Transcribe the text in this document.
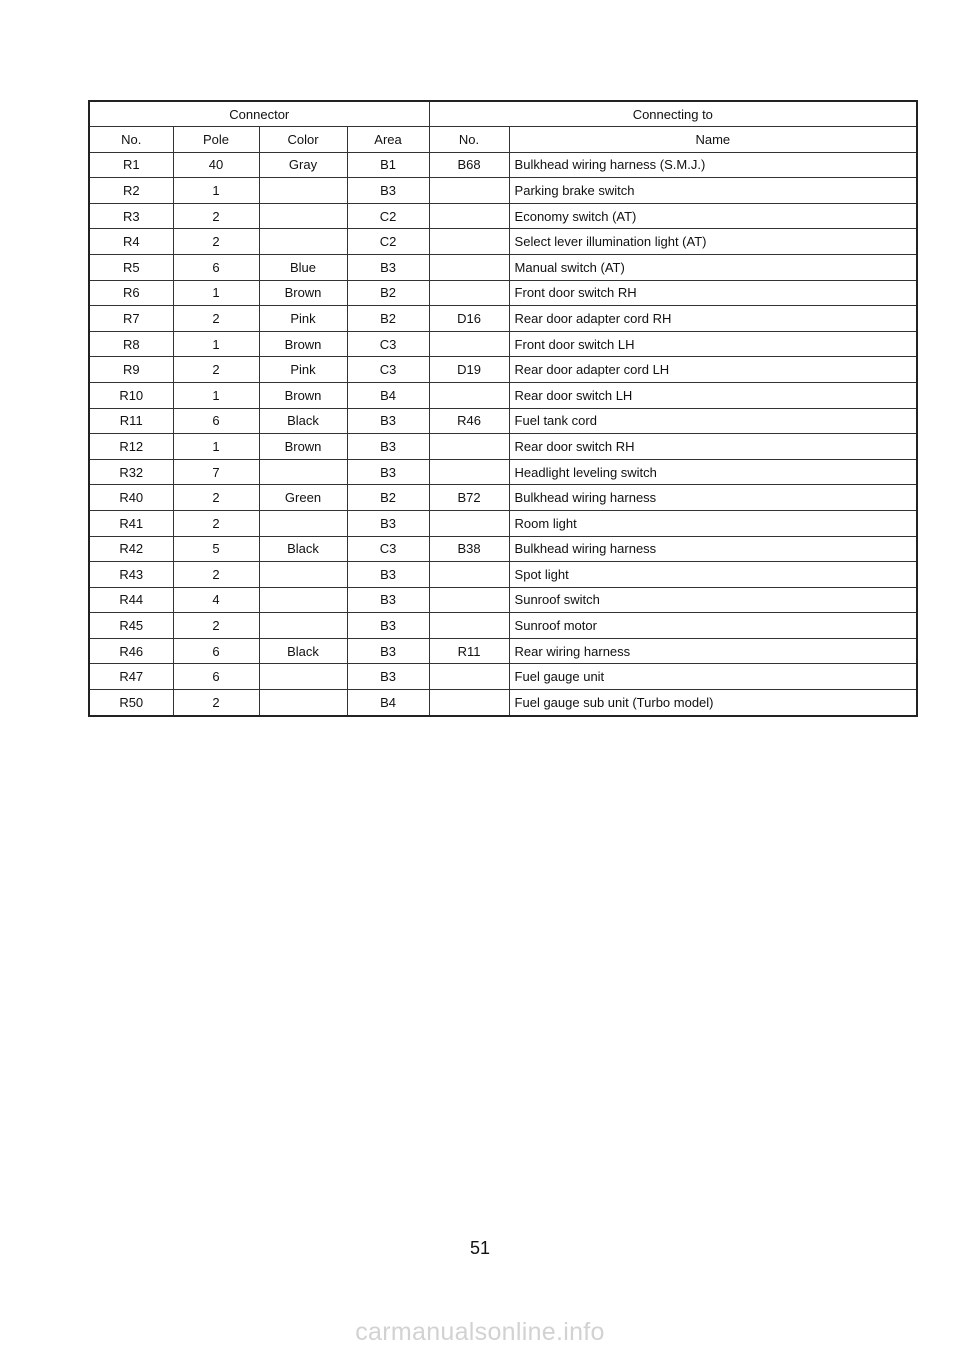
Connector				Connecting to	
No.	Pole	Color	Area	No.	Name
R1	40	Gray	B1	B68	Bulkhead wiring harness (S.M.J.)
R2	1		B3		Parking brake switch
R3	2		C2		Economy switch (AT)
R4	2		C2		Select lever illumination light (AT)
R5	6	Blue	B3		Manual switch (AT)
R6	1	Brown	B2		Front door switch RH
R7	2	Pink	B2	D16	Rear door adapter cord RH
R8	1	Brown	C3		Front door switch LH
R9	2	Pink	C3	D19	Rear door adapter cord LH
R10	1	Brown	B4		Rear door switch LH
R11	6	Black	B3	R46	Fuel tank cord
R12	1	Brown	B3		Rear door switch RH
R32	7		B3		Headlight leveling switch
R40	2	Green	B2	B72	Bulkhead wiring harness
R41	2		B3		Room light
R42	5	Black	C3	B38	Bulkhead wiring harness
R43	2		B3		Spot light
R44	4		B3		Sunroof switch
R45	2		B3		Sunroof motor
R46	6	Black	B3	R11	Rear wiring harness
R47	6		B3		Fuel gauge unit
R50	2		B4		Fuel gauge sub unit (Turbo model)
51
carmanualsonline.info
